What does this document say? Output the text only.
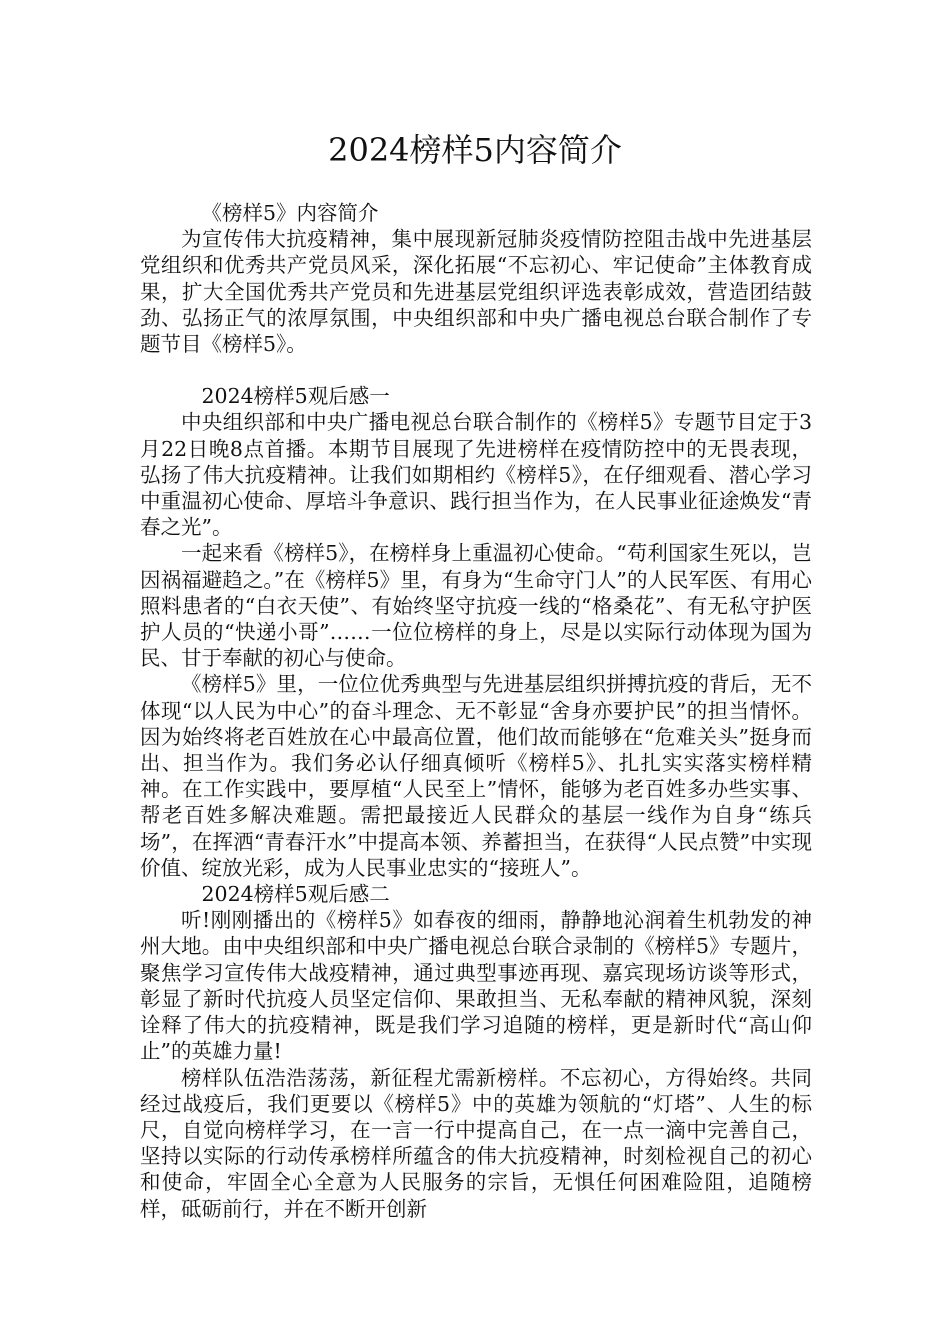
2024榜样5内容简介

《榜样5》内容简介

为宣传伟大抗疫精神，集中展现新冠肺炎疫情防控阻击战中先进基层党组织和优秀共产党员风采，深化拓展“不忘初心、牢记使命”主体教育成果，扩大全国优秀共产党员和先进基层党组织评选表彰成效，营造团结鼓劲、弘扬正气的浓厚氛围，中央组织部和中央广播电视总台联合制作了专题节目《榜样5》。

2024榜样5观后感一

中央组织部和中央广播电视总台联合制作的《榜样5》专题节目定于3月22日晚8点首播。本期节目展现了先进榜样在疫情防控中的无畏表现，弘扬了伟大抗疫精神。让我们如期相约《榜样5》，在仔细观看、潜心学习中重温初心使命、厚培斗争意识、践行担当作为，在人民事业征途焕发“青春之光”。

一起来看《榜样5》，在榜样身上重温初心使命。“苟利国家生死以，岂因祸福避趋之。”在《榜样5》里，有身为“生命守门人”的人民军医、有用心照料患者的“白衣天使”、有始终坚守抗疫一线的“格桑花”、有无私守护医护人员的“快递小哥”……一位位榜样的身上，尽是以实际行动体现为国为民、甘于奉献的初心与使命。

《榜样5》里，一位位优秀典型与先进基层组织拼搏抗疫的背后，无不体现“以人民为中心”的奋斗理念、无不彰显“舍身亦要护民”的担当情怀。因为始终将老百姓放在心中最高位置，他们故而能够在“危难关头”挺身而出、担当作为。我们务必认仔细真倾听《榜样5》、扎扎实实落实榜样精神。在工作实践中，要厚植“人民至上”情怀，能够为老百姓多办些实事、帮老百姓多解决难题。需把最接近人民群众的基层一线作为自身“练兵场”，在挥洒“青春汗水”中提高本领、养蓄担当，在获得“人民点赞”中实现价值、绽放光彩，成为人民事业忠实的“接班人”。

2024榜样5观后感二

听!刚刚播出的《榜样5》如春夜的细雨，静静地沁润着生机勃发的神州大地。由中央组织部和中央广播电视总台联合录制的《榜样5》专题片，聚焦学习宣传伟大战疫精神，通过典型事迹再现、嘉宾现场访谈等形式，彰显了新时代抗疫人员坚定信仰、果敢担当、无私奉献的精神风貌，深刻诠释了伟大的抗疫精神，既是我们学习追随的榜样，更是新时代“高山仰止”的英雄力量!

榜样队伍浩浩荡荡，新征程尤需新榜样。不忘初心，方得始终。共同经过战疫后，我们更要以《榜样5》中的英雄为领航的“灯塔”、人生的标尺，自觉向榜样学习，在一言一行中提高自己，在一点一滴中完善自己，坚持以实际的行动传承榜样所蕴含的伟大抗疫精神，时刻检视自己的初心和使命，牢固全心全意为人民服务的宗旨，无惧任何困难险阻，追随榜样，砥砺前行，并在不断开创新
